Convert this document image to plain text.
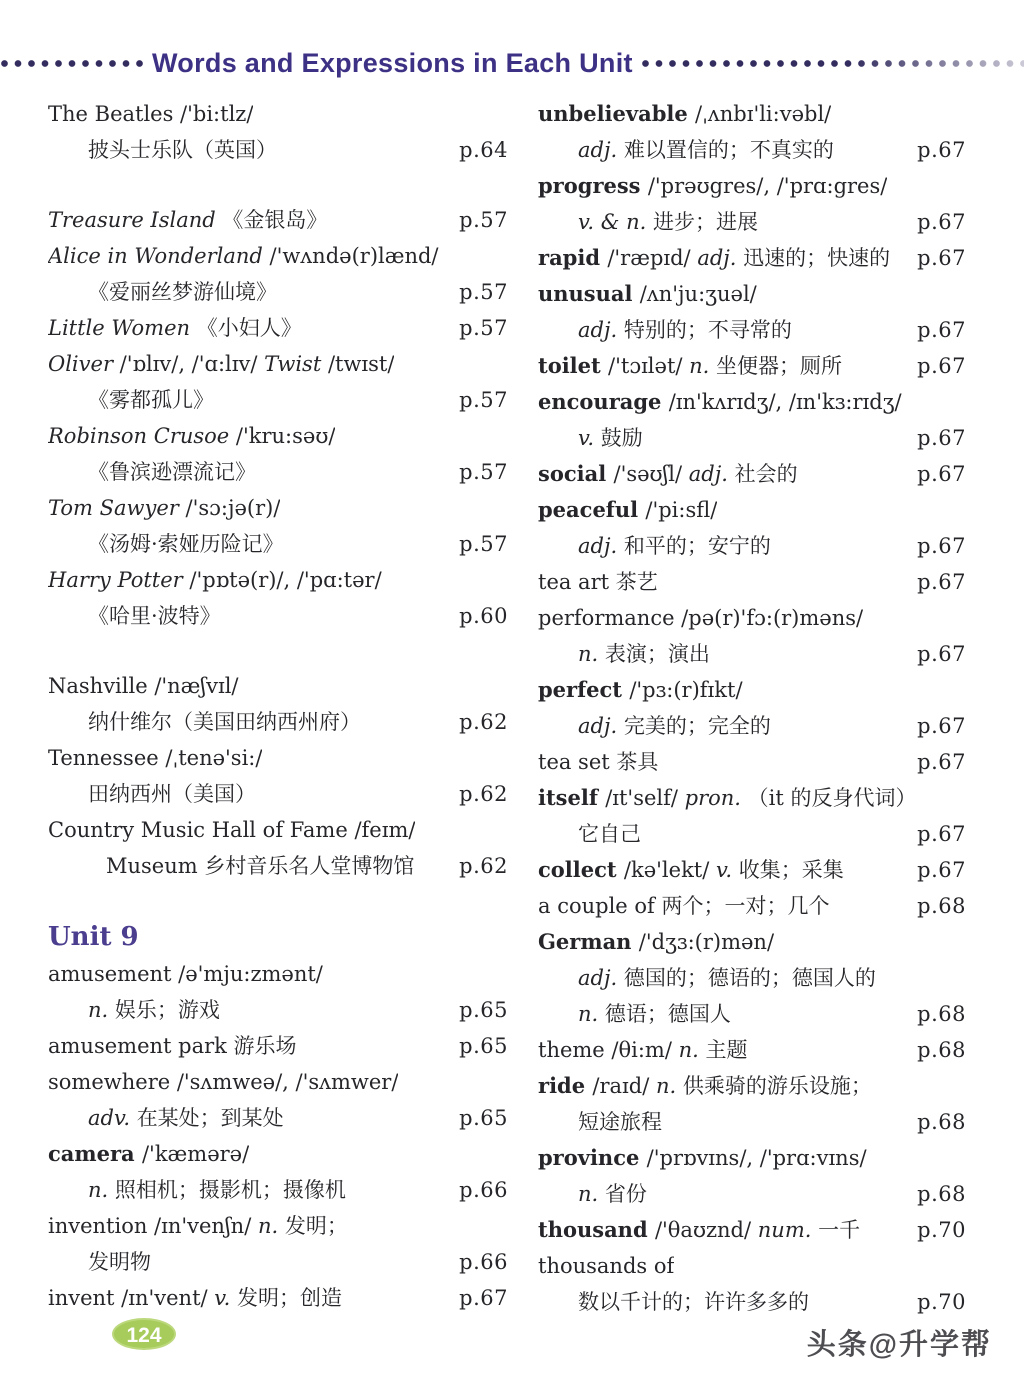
Words and Expressions in Each Unit
The Beatles /'bi:tlz/
披头士乐队（英国）	p.64
Treasure Island 《金银岛》	p.57
Alice in Wonderland /'wʌndə(r)lænd/
《爱丽丝梦游仙境》	p.57
Little Women 《小妇人》	p.57
Oliver /'ɒlɪv/, /'ɑ:lɪv/ Twist /twɪst/
《雾都孤儿》	p.57
Robinson Crusoe /'kru:səʊ/
《鲁滨逊漂流记》	p.57
Tom Sawyer /'sɔ:jə(r)/
《汤姆·索娅历险记》	p.57
Harry Potter /'pɒtə(r)/, /'pɑ:tər/
《哈里·波特》	p.60
Nashville /'næʃvɪl/
纳什维尔（美国田纳西州府）	p.62
Tennessee /ˌtenə'si:/
田纳西州（美国）	p.62
Country Music Hall of Fame /feɪm/
Museum 乡村音乐名人堂博物馆 p.62
Unit 9
amusement /ə'mju:zmənt/
n. 娱乐；游戏	p.65
amusement park 游乐场	p.65
somewhere /'sʌmweə/, /'sʌmwer/
adv. 在某处；到某处	p.65
camera /'kæmərə/
n. 照相机；摄影机；摄像机	p.66
invention /ɪn'venʃn/ n. 发明；
发明物	p.66
invent /ɪn'vent/ v. 发明；创造	p.67
unbelievable /ˌʌnbɪ'li:vəbl/
adj. 难以置信的；不真实的	p.67
progress /'prəʊgres/, /'prɑ:gres/
v. & n. 进步；进展	p.67
rapid /'ræpɪd/ adj. 迅速的；快速的 p.67
unusual /ʌn'ju:ʒuəl/
adj. 特别的；不寻常的	p.67
toilet /'tɔɪlət/ n. 坐便器；厕所	p.67
encourage /ɪn'kʌrɪdʒ/, /ɪn'kɜ:rɪdʒ/
v. 鼓励	p.67
social /'səʊʃl/ adj. 社会的	p.67
peaceful /'pi:sfl/
adj. 和平的；安宁的	p.67
tea art 茶艺	p.67
performance /pə(r)'fɔ:(r)məns/
n. 表演；演出	p.67
perfect /'pɜ:(r)fɪkt/
adj. 完美的；完全的	p.67
tea set 茶具	p.67
itself /ɪt'self/ pron. （it 的反身代词）
它自己	p.67
collect /kə'lekt/ v. 收集；采集	p.67
a couple of 两个；一对；几个	p.68
German /'dʒɜ:(r)mən/
adj. 德国的；德语的；德国人的
n. 德语；德国人	p.68
theme /θi:m/ n. 主题	p.68
ride /raɪd/ n. 供乘骑的游乐设施；
短途旅程	p.68
province /'prɒvɪns/, /'prɑ:vɪns/
n. 省份	p.68
thousand /'θaʊznd/ num. 一千	p.70
thousands of
数以千计的；许许多多的	p.70
124	头条@升学帮
